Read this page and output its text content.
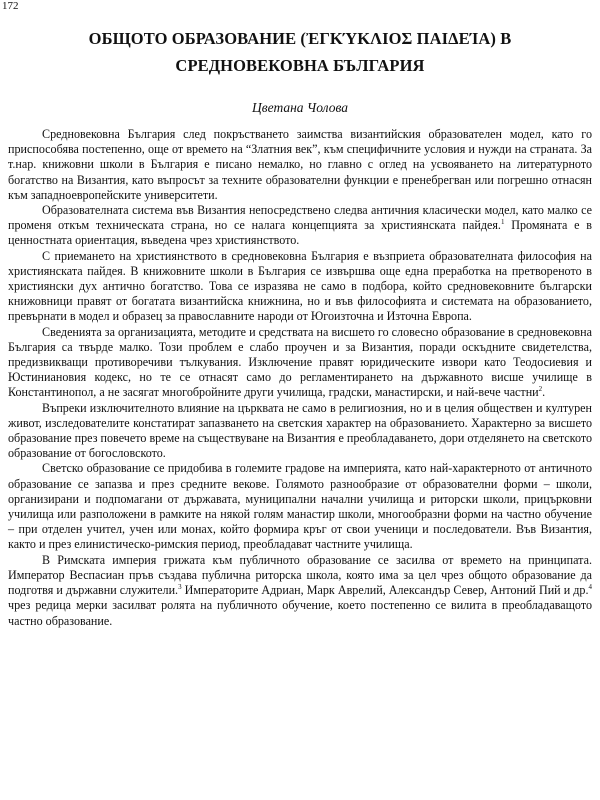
172
ОБЩОТО ОБРАЗОВАНИЕ (ἘΓΚΎΚΛΙΟΣ ΠΑΙΔΕΊΑ) В
СРЕДНОВЕКОВНА БЪЛГАРИЯ
Цветана Чолова

Средновековна България след покръстването заимства византийския образователен модел, като го приспособява постепенно, още от времето на “Златния век”, към специфичните условия и нужди на страната. За т.нар. книжовни школи в България е писано немалко, но главно с оглед на усвояването на литературното богатство на Византия, като въпросът за техните образователни функции е пренебрегван или погрешно отнасян към западноевропейските университети.

Образователната система във Византия непосредствено следва античния класически модел, като малко се променя откъм техническата страна, но се налага концепцията за християнската пайдея.$^1$ Промяната е в ценностната ориентация, въведена чрез християнството.

С приемането на християнството в средновековна България е възприета образователната философия на християнската пайдея. В книжовните школи в България се извършва още една преработка на претвореното в християнски дух антично богатство. Това се изразява не само в подбора, който средновековните български книжовници правят от богатата византийска книжнина, но и във философията и системата на образованието, превърнати в модел и образец за православните народи от Югоизточна и Източна Европа.

Сведенията за организацията, методите и средствата на висшето го словесно образование в средновековна България са твърде малко. Този проблем е слабо проучен и за Византия, поради оскъдните свидетелства, предизвикващи противоречиви тълкувания. Изключение правят юридическите извори като Теодосиевия и Юстиниановия кодекс, но те се отнасят само до регламентирането на държавното висше училище в Константинопол, а не засягат многобройните други училища, градски, манастирски, и най-вече частни$^2$.

Въпреки изключителното влияние на църквата не само в религиозния, но и в целия обществен и културен живот, изследователите констатират запазването на светския характер на образованието. Характерно за висшето образование през повечето време на съществуване на Византия е преобладаването, дори отделянето на светското образование от богословското.

Светско образование се придобива в големите градове на империята, като най-характерното от античното образование се запазва и през средните векове. Голямото разнообразие от образователни форми – школи, организирани и подпомагани от държавата, муниципални начални училища и риторски школи, прицърковни училища или разположени в рамките на някой голям манастир школи, многообразни форми на частно обучение – при отделен учител, учен или монах, който формира кръг от свои ученици и последователи. Във Византия, както и през елинистическо-римския период, преобладават частните училища.

В Римската империя грижата към публичното образование се засилва от времето на принципата. Император Веспасиан пръв създава публична риторска школа, която има за цел чрез общото образование да подготвя и държавни служители.$^3$ Императорите Адриан, Марк Аврелий, Александър Север, Антоний Пий и др.$^4$ чрез редица мерки засилват ролята на публичното обучение, което постепенно се вилита в преобладаващото частно образование.
